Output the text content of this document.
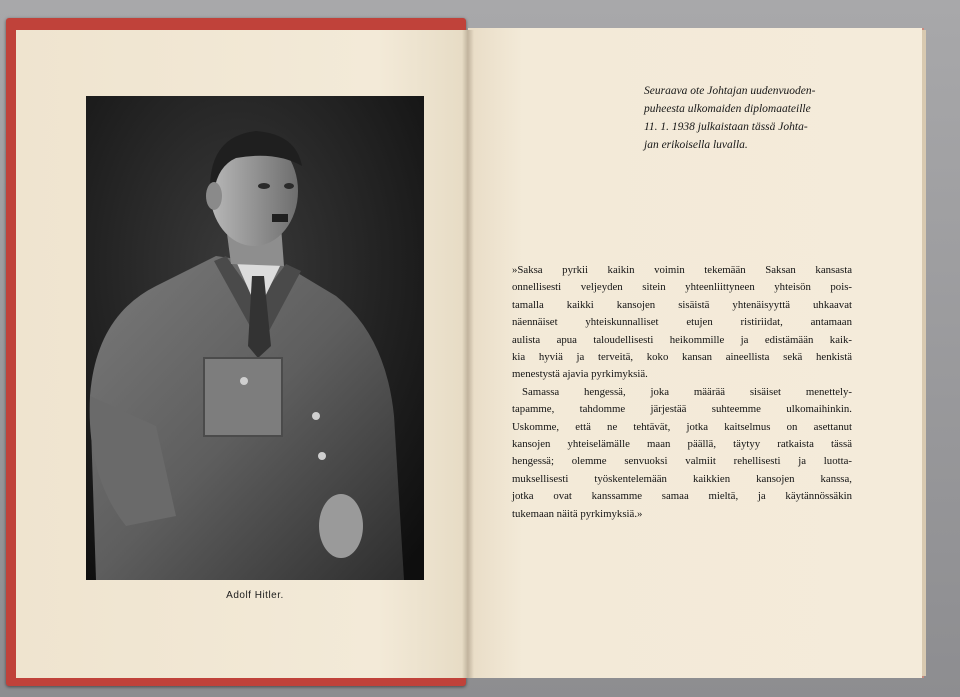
Adolf Hitler.
Seuraava ote Johtajan uudenvuoden-
puheesta ulkomaiden diplomaateille
11. 1. 1938 julkaistaan tässä Johta-
jan erikoisella luvalla.
»Saksa pyrkii kaikin voimin tekemään Saksan kansasta
onnellisesti veljeyden sitein yhteenliittyneen yhteisön pois-
tamalla kaikki kansojen sisäistä yhtenäisyyttä uhkaavat
näennäiset yhteiskunnalliset etujen ristiriidat, antamaan
aulista apua taloudellisesti heikommille ja edistämään kaik-
kia hyviä ja terveitä, koko kansan aineellista sekä henkistä
menestystä ajavia pyrkimyksiä.
Samassa hengessä, joka määrää sisäiset menettely-
tapamme, tahdomme järjestää suhteemme ulkomaihinkin.
Uskomme, että ne tehtävät, jotka kaitselmus on asettanut
kansojen yhteiselämälle maan päällä, täytyy ratkaista tässä
hengessä; olemme senvuoksi valmiit rehellisesti ja luotta-
muksellisesti työskentelemään kaikkien kansojen kanssa,
jotka ovat kanssamme samaa mieltä, ja käytännössäkin
tukemaan näitä pyrkimyksiä.»
